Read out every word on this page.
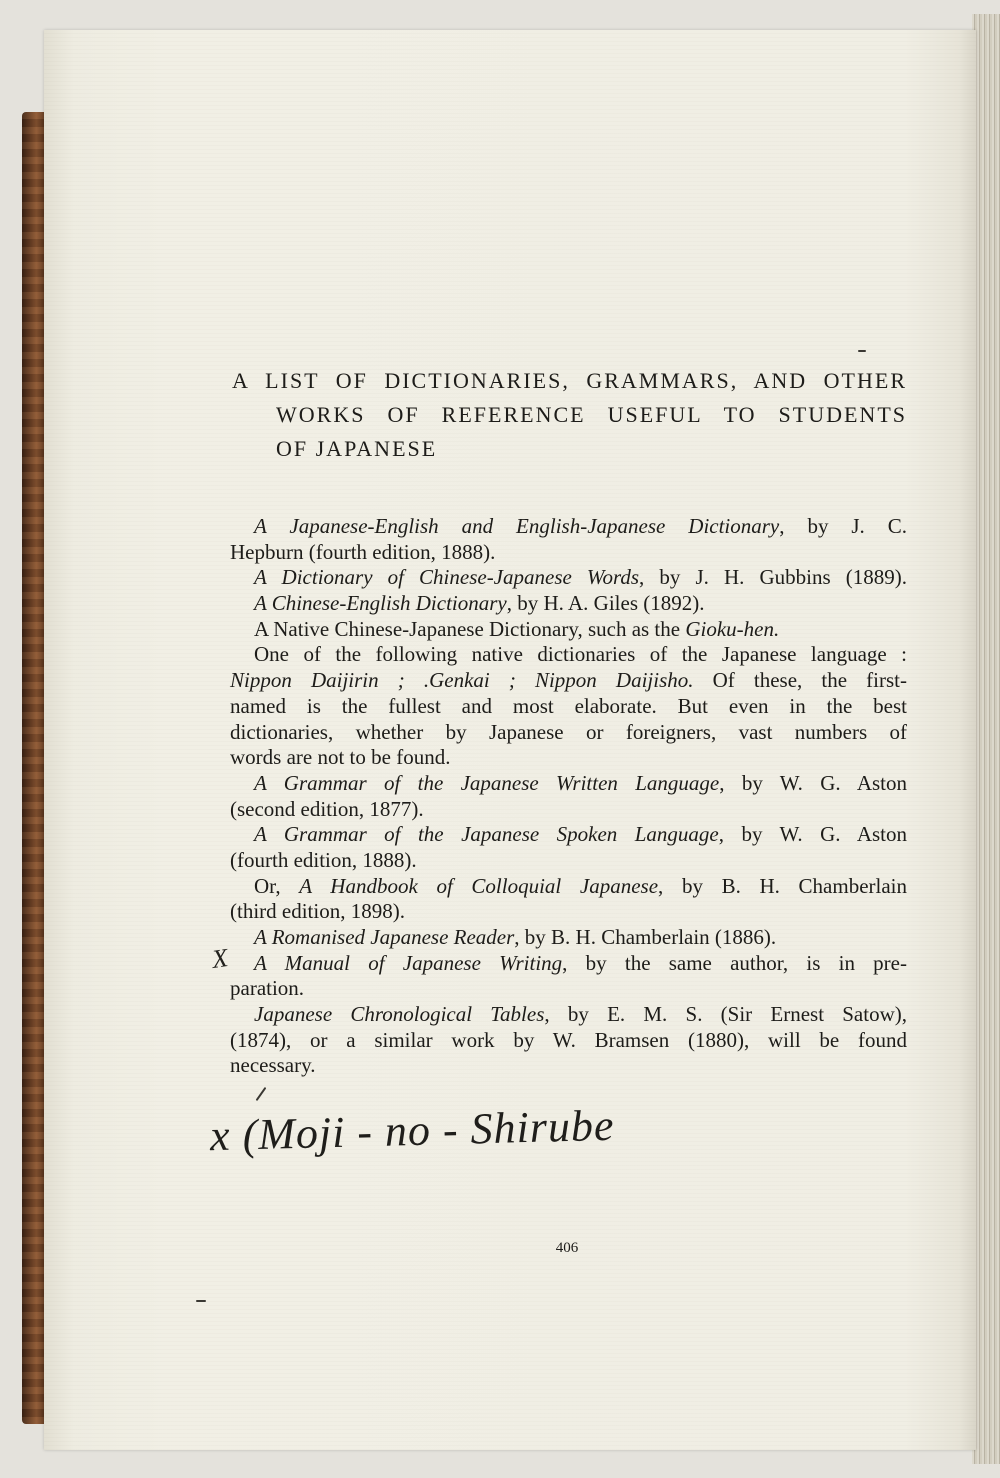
A LIST OF DICTIONARIES, GRAMMARS, AND OTHER
WORKS OF REFERENCE USEFUL TO STUDENTS
OF JAPANESE
A Japanese-English and English-Japanese Dictionary, by J. C.
Hepburn (fourth edition, 1888).
A Dictionary of Chinese-Japanese Words, by J. H. Gubbins (1889).
A Chinese-English Dictionary, by H. A. Giles (1892).
A Native Chinese-Japanese Dictionary, such as the Gioku-hen.
One of the following native dictionaries of the Japanese language :
Nippon Daijirin ; .Genkai ; Nippon Daijisho. Of these, the first-
named is the fullest and most elaborate. But even in the best
dictionaries, whether by Japanese or foreigners, vast numbers of
words are not to be found.
A Grammar of the Japanese Written Language, by W. G. Aston
(second edition, 1877).
A Grammar of the Japanese Spoken Language, by W. G. Aston
(fourth edition, 1888).
Or, A Handbook of Colloquial Japanese, by B. H. Chamberlain
(third edition, 1898).
A Romanised Japanese Reader, by B. H. Chamberlain (1886).
A Manual of Japanese Writing, by the same author, is in pre-
paration.
Japanese Chronological Tables, by E. M. S. (Sir Ernest Satow),
(1874), or a similar work by W. Bramsen (1880), will be found
necessary.
X
x (Moji - no - Shirube
406
